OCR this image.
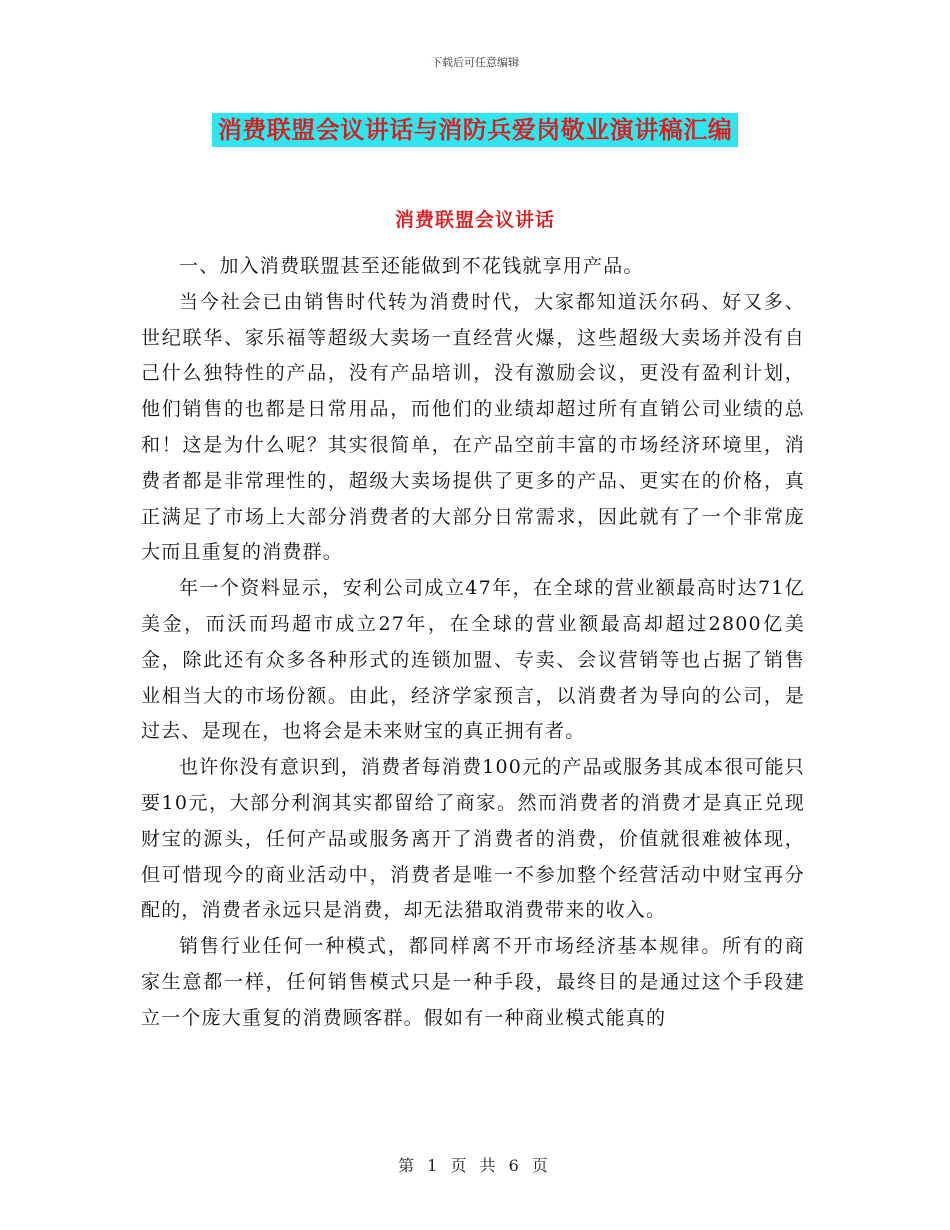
下载后可任意编辑
消费联盟会议讲话与消防兵爱岗敬业演讲稿汇编
消费联盟会议讲话

一、加入消费联盟甚至还能做到不花钱就享用产品。

当今社会已由销售时代转为消费时代，大家都知道沃尔码、好又多、世纪联华、家乐福等超级大卖场一直经营火爆，这些超级大卖场并没有自己什么独特性的产品，没有产品培训，没有激励会议，更没有盈利计划，他们销售的也都是日常用品，而他们的业绩却超过所有直销公司业绩的总和！这是为什么呢？其实很简单，在产品空前丰富的市场经济环境里，消费者都是非常理性的，超级大卖场提供了更多的产品、更实在的价格，真正满足了市场上大部分消费者的大部分日常需求，因此就有了一个非常庞大而且重复的消费群。

年一个资料显示，安利公司成立47年，在全球的营业额最高时达71亿美金，而沃而玛超市成立27年，在全球的营业额最高却超过2800亿美金，除此还有众多各种形式的连锁加盟、专卖、会议营销等也占据了销售业相当大的市场份额。由此，经济学家预言，以消费者为导向的公司，是过去、是现在，也将会是未来财宝的真正拥有者。

也许你没有意识到，消费者每消费100元的产品或服务其成本很可能只要10元，大部分利润其实都留给了商家。然而消费者的消费才是真正兑现财宝的源头，任何产品或服务离开了消费者的消费，价值就很难被体现，但可惜现今的商业活动中，消费者是唯一不参加整个经营活动中财宝再分配的，消费者永远只是消费，却无法猎取消费带来的收入。

销售行业任何一种模式，都同样离不开市场经济基本规律。所有的商家生意都一样，任何销售模式只是一种手段，最终目的是通过这个手段建立一个庞大重复的消费顾客群。假如有一种商业模式能真的

第 1 页 共 6 页
